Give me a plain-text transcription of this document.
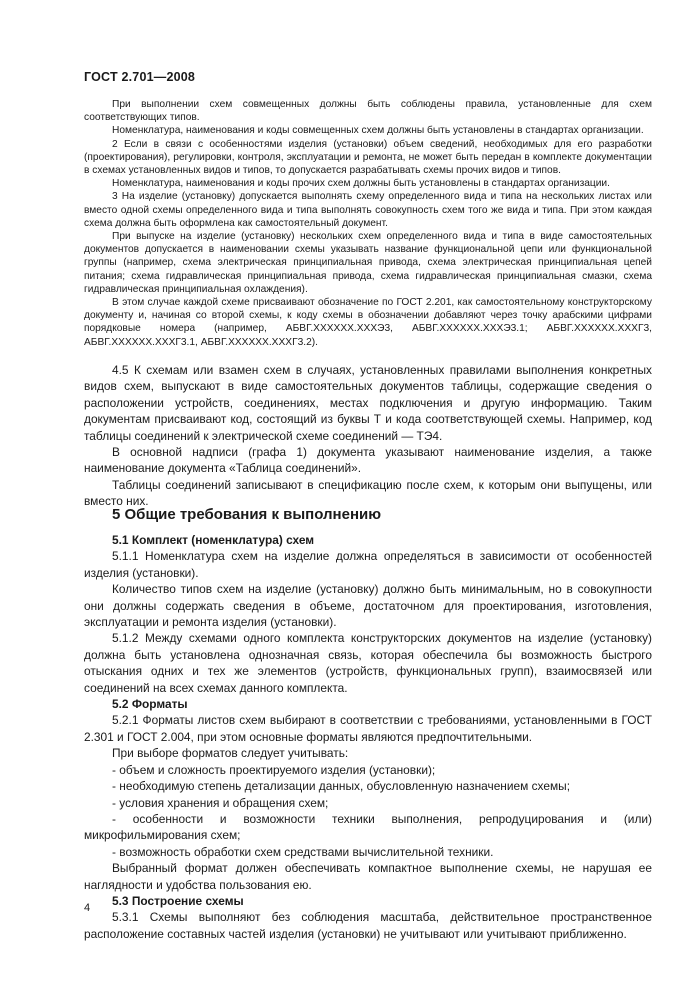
ГОСТ 2.701—2008

При выполнении схем совмещенных должны быть соблюдены правила, установленные для схем соответствующих типов.

Номенклатура, наименования и коды совмещенных схем должны быть установлены в стандартах организации.

2 Если в связи с особенностями изделия (установки) объем сведений, необходимых для его разработки (проектирования), регулировки, контроля, эксплуатации и ремонта, не может быть передан в комплекте документации в схемах установленных видов и типов, то допускается разрабатывать схемы прочих видов и типов.

Номенклатура, наименования и коды прочих схем должны быть установлены в стандартах организации.

3 На изделие (установку) допускается выполнять схему определенного вида и типа на нескольких листах или вместо одной схемы определенного вида и типа выполнять совокупность схем того же вида и типа. При этом каждая схема должна быть оформлена как самостоятельный документ.

При выпуске на изделие (установку) нескольких схем определенного вида и типа в виде самостоятельных документов допускается в наименовании схемы указывать название функциональной цепи или функциональной группы (например, схема электрическая принципиальная привода, схема электрическая принципиальная цепей питания; схема гидравлическая принципиальная привода, схема гидравлическая принципиальная смазки, схема гидравлическая принципиальная охлаждения).

В этом случае каждой схеме присваивают обозначение по ГОСТ 2.201, как самостоятельному конструкторскому документу и, начиная со второй схемы, к коду схемы в обозначении добавляют через точку арабскими цифрами порядковые номера (например, АБВГ.XXXXXX.XXXЭ3, АБВГ.XXXXXX.XXXЭ3.1; АБВГ.XXXXXX.XXXГ3, АБВГ.XXXXXX.XXXГ3.1, АБВГ.XXXXXX.XXXГ3.2).

4.5 К схемам или взамен схем в случаях, установленных правилами выполнения конкретных видов схем, выпускают в виде самостоятельных документов таблицы, содержащие сведения о расположении устройств, соединениях, местах подключения и другую информацию. Таким документам присваивают код, состоящий из буквы Т и кода соответствующей схемы. Например, код таблицы соединений к электрической схеме соединений — ТЭ4.

В основной надписи (графа 1) документа указывают наименование изделия, а также наименование документа «Таблица соединений».

Таблицы соединений записывают в спецификацию после схем, к которым они выпущены, или вместо них.

5 Общие требования к выполнению

5.1 Комплект (номенклатура) схем

5.1.1 Номенклатура схем на изделие должна определяться в зависимости от особенностей изделия (установки).

Количество типов схем на изделие (установку) должно быть минимальным, но в совокупности они должны содержать сведения в объеме, достаточном для проектирования, изготовления, эксплуатации и ремонта изделия (установки).

5.1.2 Между схемами одного комплекта конструкторских документов на изделие (установку) должна быть установлена однозначная связь, которая обеспечила бы возможность быстрого отыскания одних и тех же элементов (устройств, функциональных групп), взаимосвязей или соединений на всех схемах данного комплекта.

5.2 Форматы

5.2.1 Форматы листов схем выбирают в соответствии с требованиями, установленными в ГОСТ 2.301 и ГОСТ 2.004, при этом основные форматы являются предпочтительными.

При выборе форматов следует учитывать:

- объем и сложность проектируемого изделия (установки);

- необходимую степень детализации данных, обусловленную назначением схемы;

- условия хранения и обращения схем;

- особенности и возможности техники выполнения, репродуцирования и (или) микрофильмирования схем;

- возможность обработки схем средствами вычислительной техники.

Выбранный формат должен обеспечивать компактное выполнение схемы, не нарушая ее наглядности и удобства пользования ею.

5.3 Построение схемы

5.3.1 Схемы выполняют без соблюдения масштаба, действительное пространственное расположение составных частей изделия (установки) не учитывают или учитывают приближенно.

4
